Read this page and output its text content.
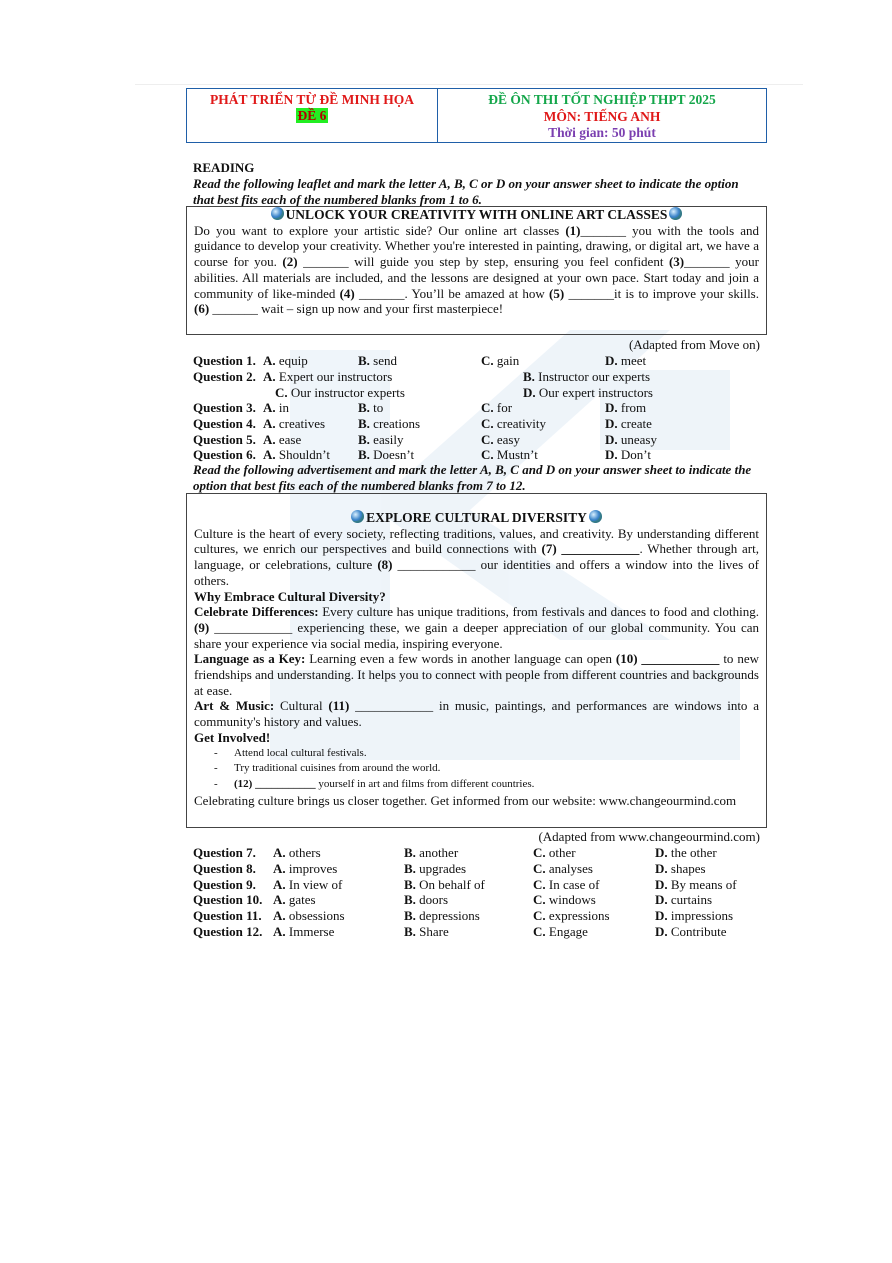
PHÁT TRIỂN TỪ ĐỀ MINH HỌA
ĐỀ 6
ĐỀ ÔN THI TỐT NGHIỆP THPT 2025
MÔN: TIẾNG ANH
Thời gian: 50 phút
READING
Read the following leaflet and mark the letter A, B, C or D on your answer sheet to indicate the option that best fits each of the numbered blanks from 1 to 6.
UNLOCK YOUR CREATIVITY WITH ONLINE ART CLASSES

Do you want to explore your artistic side? Our online art classes (1)_______ you with the tools and guidance to develop your creativity. Whether you're interested in painting, drawing, or digital art, we have a course for you. (2) _______ will guide you step by step, ensuring you feel confident (3)_______ your abilities. All materials are included, and the lessons are designed at your own pace. Start today and join a community of like-minded (4) _______. You’ll be amazed at how (5) _______it is to improve your skills. (6) _______ wait – sign up now and your first masterpiece!

(Adapted from Move on)
Question 1. A. equip	B. send	C. gain	D. meet
Question 2. A. Expert our instructors	B. Instructor our experts
C. Our instructor experts	D. Our expert instructors
Question 3. A. in	B. to	C. for	D. from
Question 4. A. creatives	B. creations	C. creativity	D. create
Question 5. A. ease	B. easily	C. easy	D. uneasy
Question 6. A. Shouldn’t B. Doesn’t	C. Mustn’t	D. Don’t
Read the following advertisement and mark the letter A, B, C and D on your answer sheet to indicate the option that best fits each of the numbered blanks from 7 to 12.
EXPLORE CULTURAL DIVERSITY

Culture is the heart of every society, reflecting traditions, values, and creativity. By understanding different cultures, we enrich our perspectives and build connections with (7) ____________. Whether through art, language, or celebrations, culture (8) ____________ our identities and offers a window into the lives of others.

Why Embrace Cultural Diversity?

Celebrate Differences: Every culture has unique traditions, from festivals and dances to food and clothing. (9) ____________ experiencing these, we gain a deeper appreciation of our global community. You can share your experience via social media, inspiring everyone.

Language as a Key: Learning even a few words in another language can open (10) ____________ to new friendships and understanding. It helps you to connect with people from different countries and backgrounds at ease.

Art & Music: Cultural (11) ____________ in music, paintings, and performances are windows into a community's history and values.

Get Involved!

- Attend local cultural festivals.
- Try traditional cuisines from around the world.
- (12) ___________ yourself in art and films from different countries.

Celebrating culture brings us closer together. Get informed from our website: www.changeourmind.com

(Adapted from www.changeourmind.com)
Question 7. A. others	B. another	C. other	D. the other
Question 8. A. improves	B. upgrades	C. analyses	D. shapes
Question 9. A. In view of	B. On behalf of	C. In case of	D. By means of
Question 10. A. gates	B. doors	C. windows	D. curtains
Question 11. A. obsessions	B. depressions	C. expressions	D. impressions
Question 12. A. Immerse	B. Share	C. Engage	D. Contribute
